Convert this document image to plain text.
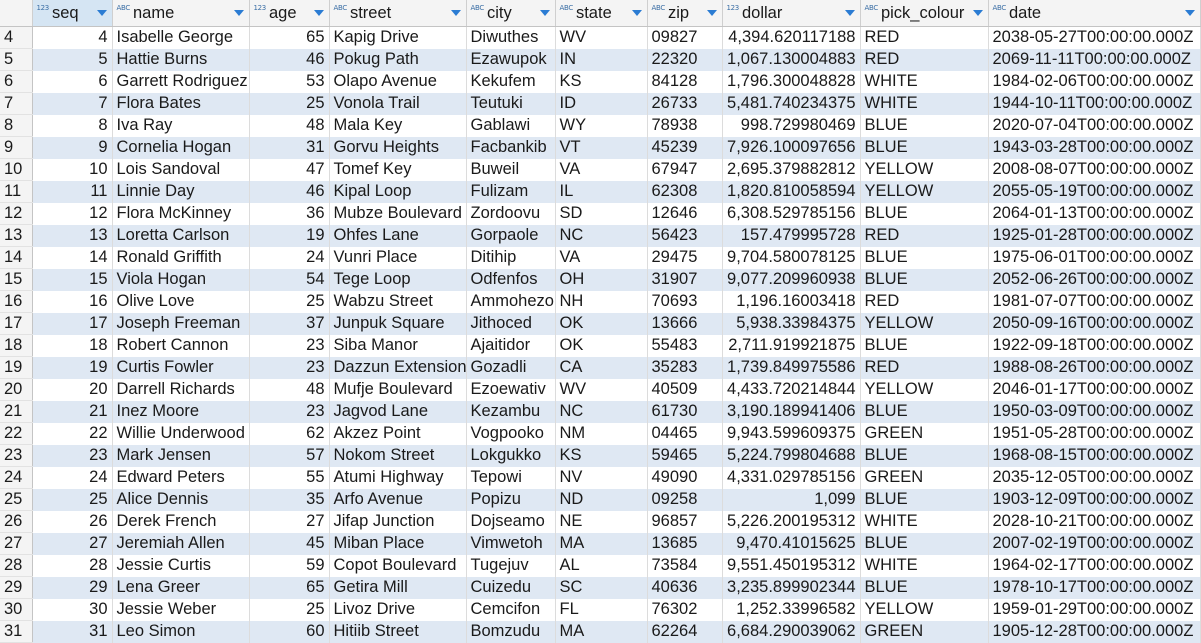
	123 seq	ABC name	123 age	ABC street	ABC city	ABC state	ABC zip	123 dollar	ABC pick_colour	ABC date

4	4	Isabelle George	65	Kapig Drive	Diwuthes	WV	09827	4,394.620117188	RED	2038-05-27T00:00:00.000Z
5	5	Hattie Burns	46	Pokug Path	Ezawupok	IN	22320	1,067.130004883	RED	2069-11-11T00:00:00.000Z
6	6	Garrett Rodriguez	53	Olapo Avenue	Kekufem	KS	84128	1,796.300048828	WHITE	1984-02-06T00:00:00.000Z
7	7	Flora Bates	25	Vonola Trail	Teutuki	ID	26733	5,481.740234375	WHITE	1944-10-11T00:00:00.000Z
8	8	Iva Ray	48	Mala Key	Gablawi	WY	78938	998.729980469	BLUE	2020-07-04T00:00:00.000Z
9	9	Cornelia Hogan	31	Gorvu Heights	Facbankib	VT	45239	7,926.100097656	BLUE	1943-03-28T00:00:00.000Z
10	10	Lois Sandoval	47	Tomef Key	Buweil	VA	67947	2,695.379882812	YELLOW	2008-08-07T00:00:00.000Z
11	11	Linnie Day	46	Kipal Loop	Fulizam	IL	62308	1,820.810058594	YELLOW	2055-05-19T00:00:00.000Z
12	12	Flora McKinney	36	Mubze Boulevard	Zordoovu	SD	12646	6,308.529785156	BLUE	2064-01-13T00:00:00.000Z
13	13	Loretta Carlson	19	Ohfes Lane	Gorpaole	NC	56423	157.479995728	RED	1925-01-28T00:00:00.000Z
14	14	Ronald Griffith	24	Vunri Place	Ditihip	VA	29475	9,704.580078125	BLUE	1975-06-01T00:00:00.000Z
15	15	Viola Hogan	54	Tege Loop	Odfenfos	OH	31907	9,077.209960938	BLUE	2052-06-26T00:00:00.000Z
16	16	Olive Love	25	Wabzu Street	Ammohezo	NH	70693	1,196.16003418	RED	1981-07-07T00:00:00.000Z
17	17	Joseph Freeman	37	Junpuk Square	Jithoced	OK	13666	5,938.33984375	YELLOW	2050-09-16T00:00:00.000Z
18	18	Robert Cannon	23	Siba Manor	Ajaitidor	OK	55483	2,711.919921875	BLUE	1922-09-18T00:00:00.000Z
19	19	Curtis Fowler	23	Dazzun Extension	Gozadli	CA	35283	1,739.849975586	RED	1988-08-26T00:00:00.000Z
20	20	Darrell Richards	48	Mufje Boulevard	Ezoewativ	WV	40509	4,433.720214844	YELLOW	2046-01-17T00:00:00.000Z
21	21	Inez Moore	23	Jagvod Lane	Kezambu	NC	61730	3,190.189941406	BLUE	1950-03-09T00:00:00.000Z
22	22	Willie Underwood	62	Akzez Point	Vogpooko	NM	04465	9,943.599609375	GREEN	1951-05-28T00:00:00.000Z
23	23	Mark Jensen	57	Nokom Street	Lokgukko	KS	59465	5,224.799804688	BLUE	1968-08-15T00:00:00.000Z
24	24	Edward Peters	55	Atumi Highway	Tepowi	NV	49090	4,331.029785156	GREEN	2035-12-05T00:00:00.000Z
25	25	Alice Dennis	35	Arfo Avenue	Popizu	ND	09258	1,099	BLUE	1903-12-09T00:00:00.000Z
26	26	Derek French	27	Jifap Junction	Dojseamo	NE	96857	5,226.200195312	WHITE	2028-10-21T00:00:00.000Z
27	27	Jeremiah Allen	45	Miban Place	Vimwetoh	MA	13685	9,470.41015625	BLUE	2007-02-19T00:00:00.000Z
28	28	Jessie Curtis	59	Copot Boulevard	Tugejuv	AL	73584	9,551.450195312	WHITE	1964-02-17T00:00:00.000Z
29	29	Lena Greer	65	Getira Mill	Cuizedu	SC	40636	3,235.899902344	BLUE	1978-10-17T00:00:00.000Z
30	30	Jessie Weber	25	Livoz Drive	Cemcifon	FL	76302	1,252.33996582	YELLOW	1959-01-29T00:00:00.000Z
31	31	Leo Simon	60	Hitiib Street	Bomzudu	MA	62264	6,684.290039062	GREEN	1905-12-28T00:00:00.000Z
